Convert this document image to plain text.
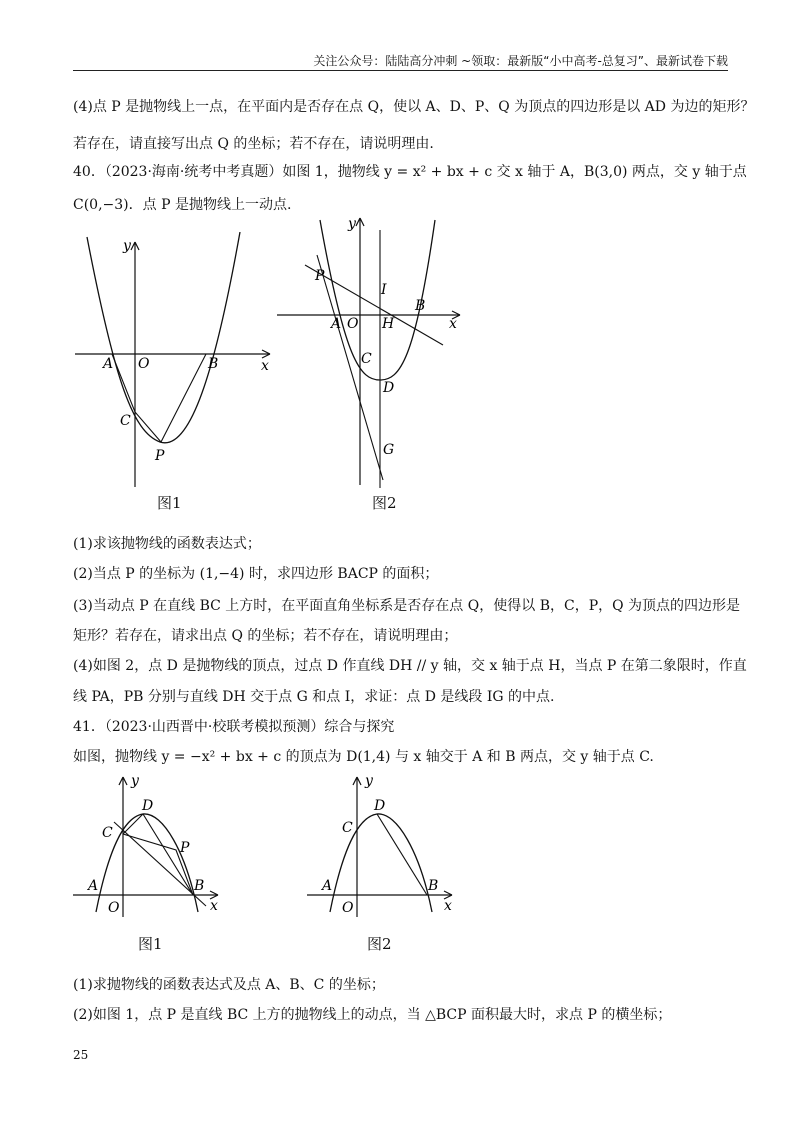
关注公众号：陆陆高分冲刺 ~领取：最新版“小中高考-总复习”、最新试卷下载
(4)点 P 是抛物线上一点，在平面内是否存在点 Q，使以 A、D、P、Q 为顶点的四边形是以 AD 为边的矩形？
若存在，请直接写出点 Q 的坐标；若不存在，请说明理由.
40．（2023·海南·统考中考真题）如图 1，抛物线 y = x² + bx + c 交 x 轴于 A，B(3,0) 两点，交 y 轴于点
C(0,−3)．点 P 是抛物线上一动点.
y
x
A O	B
C
P
图1
y
x
P
I
B
A O H
C
D
G
图2
(1)求该抛物线的函数表达式；
(2)当点 P 的坐标为 (1,−4) 时，求四边形 BACP 的面积；
(3)当动点 P 在直线 BC 上方时，在平面直角坐标系是否存在点 Q，使得以 B，C，P，Q 为顶点的四边形是
矩形？若存在，请求出点 Q 的坐标；若不存在，请说明理由；
(4)如图 2，点 D 是抛物线的顶点，过点 D 作直线 DH // y 轴，交 x 轴于点 H，当点 P 在第二象限时，作直
线 PA，PB 分别与直线 DH 交于点 G 和点 I，求证：点 D 是线段 IG 的中点.
41．（2023·山西晋中·校联考模拟预测）综合与探究
如图，抛物线 y = −x² + bx + c 的顶点为 D(1,4) 与 x 轴交于 A 和 B 两点，交 y 轴于点 C.
y
x
D
C
P
A	B
O
图1
y
x
D
C
A	B
O
图2
(1)求抛物线的函数表达式及点 A、B、C 的坐标；
(2)如图 1，点 P 是直线 BC 上方的抛物线上的动点，当 △BCP 面积最大时，求点 P 的横坐标；
25
